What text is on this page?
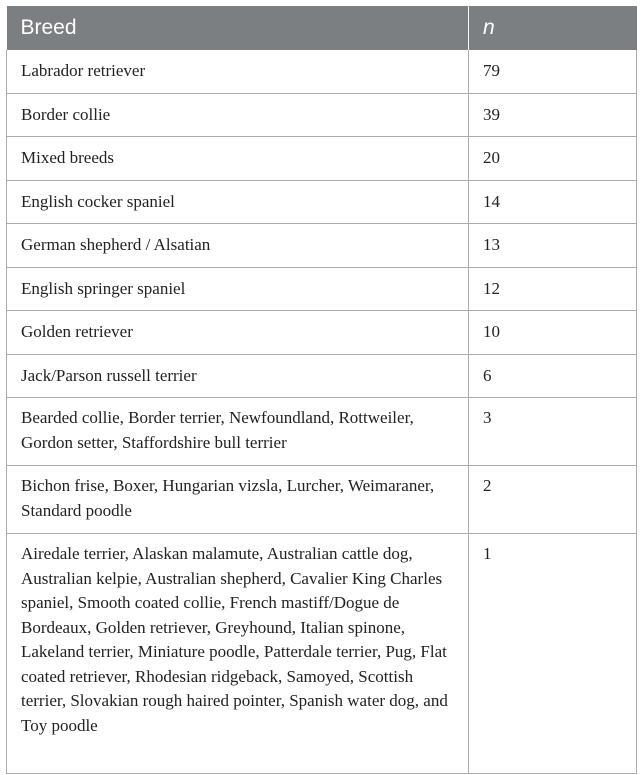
Breed	n
Labrador retriever	79
Border collie	39
Mixed breeds	20
English cocker spaniel	14
German shepherd / Alsatian	13
English springer spaniel	12
Golden retriever	10
Jack/Parson russell terrier	6
Bearded collie, Border terrier, Newfoundland, Rottweiler, Gordon setter, Staffordshire bull terrier	3
Bichon frise, Boxer, Hungarian vizsla, Lurcher, Weimaraner, Standard poodle	2
Airedale terrier, Alaskan malamute, Australian cattle dog, Australian kelpie, Australian shepherd, Cavalier King Charles spaniel, Smooth coated collie, French mastiff/Dogue de Bordeaux, Golden retriever, Greyhound, Italian spinone, Lakeland terrier, Miniature poodle, Patterdale terrier, Pug, Flat coated retriever, Rhodesian ridgeback, Samoyed, Scottish terrier, Slovakian rough haired pointer, Spanish water dog, and Toy poodle	1
